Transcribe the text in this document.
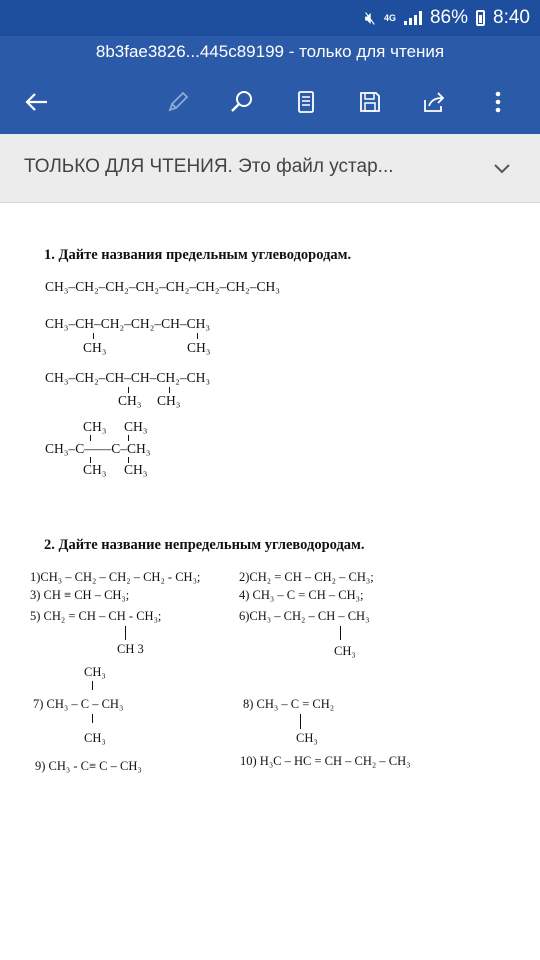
🔇︎ 4G 86% 8:40
8b3fae3826...445c89199 - только для чтения
ТОЛЬКО ДЛЯ ЧТЕНИЯ. Это файл устар...
1. Дайте названия предельным углеводородам.
CH₃–CH₂–CH₂–CH₂–CH₂–CH₂–CH₂–CH₃
CH₃–CH–CH₂–CH₂–CH–CH₃
CH₃	CH₃
CH₃–CH₂–CH–CH–CH₂–CH₃
CH₃ CH₃
CH₃ CH₃
CH₃–C——C–CH₃
CH₃ CH₃
2. Дайте название непредельным углеводородам.
1)CH₃ – CH₂ – CH₂ – CH₂ - CH₃;	2)CH₂ = CH – CH₂ – CH₃;
3) CH ≡ CH – CH₃;	4) CH₃ – C = CH – CH₃;
5) CH₂ = CH – CH - CH₃;
CH 3
6)CH₃ – CH₂ – CH – CH₃
CH₃
CH₃
7) CH₃ – C – CH₃
CH₃
8) CH₃ – C = CH₂
CH₃
9) CH₃ - C≡ C – CH₃	10) H₃C – HC = CH – CH₂ – CH₃
